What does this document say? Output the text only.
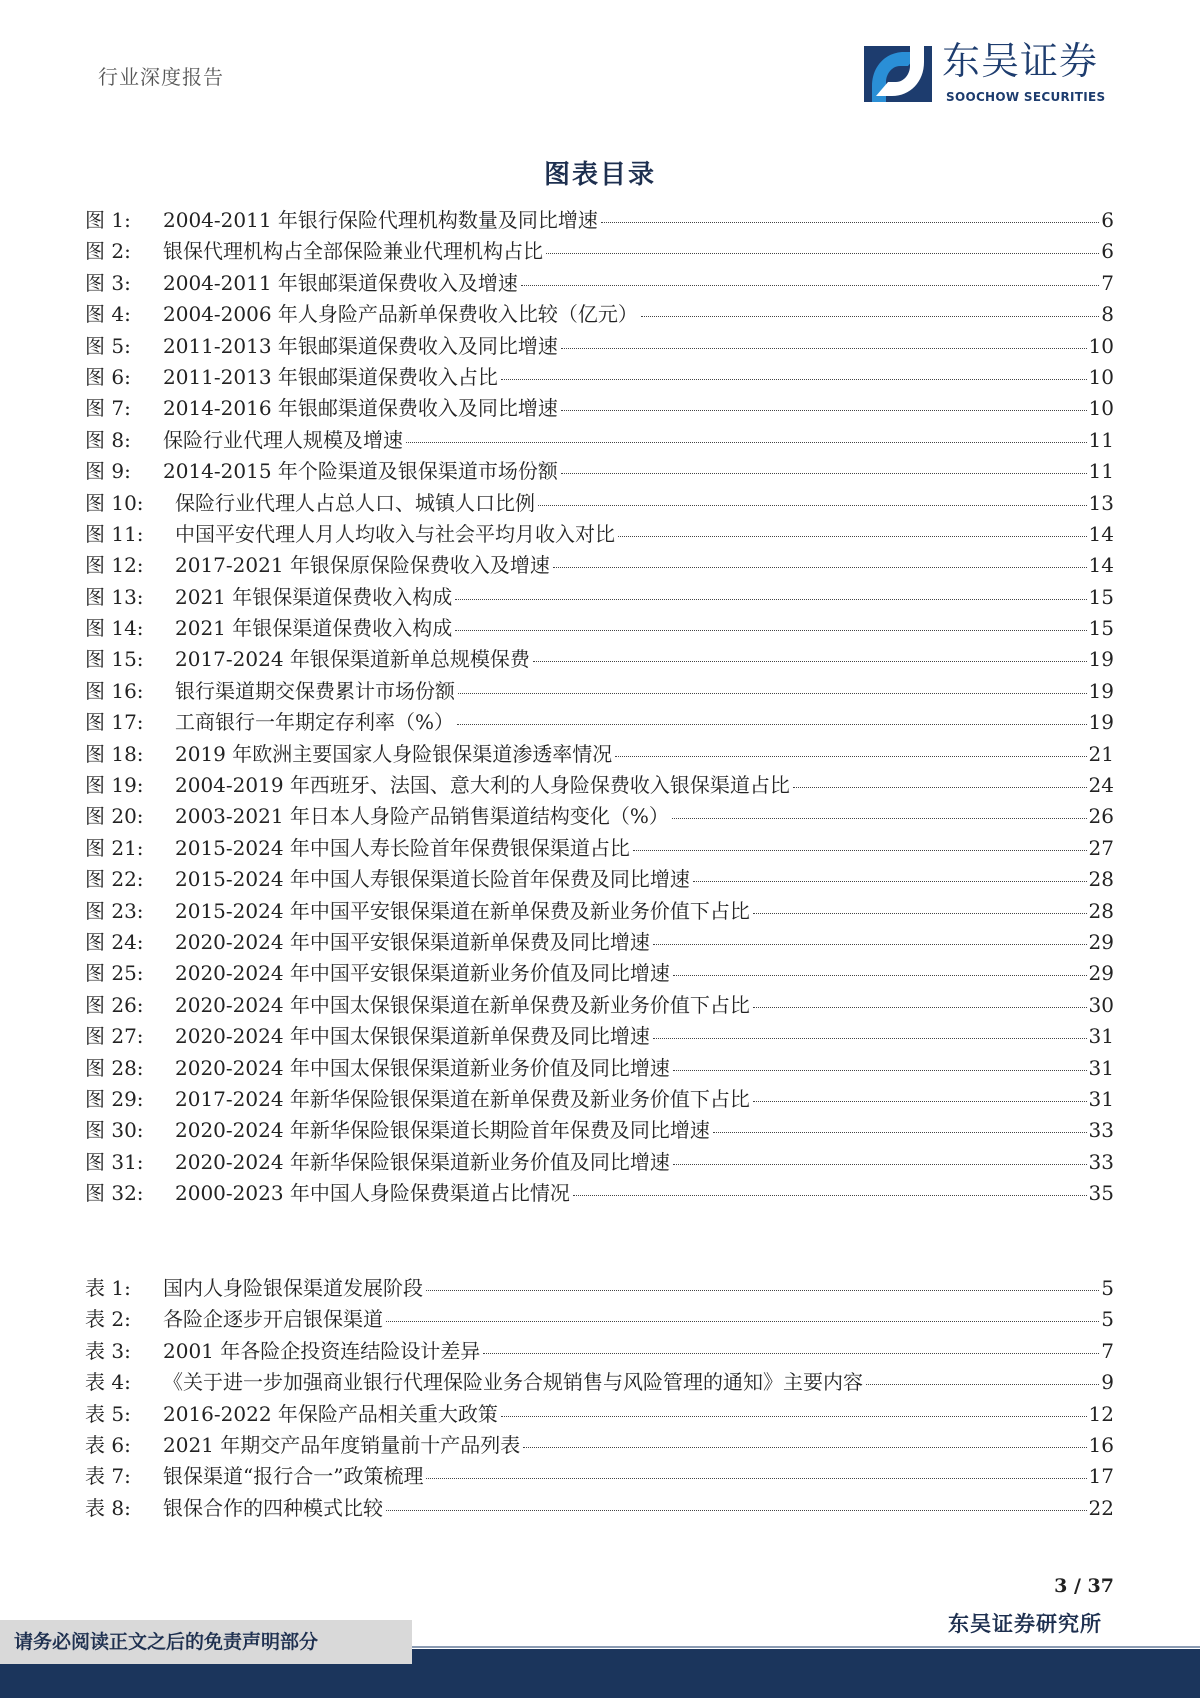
行业深度报告	东吴证券
SOOCHOW SECURITIES
图表目录
图 1:	2004-2011 年银行保险代理机构数量及同比增速	6
图 2:	银保代理机构占全部保险兼业代理机构占比	6
图 3:	2004-2011 年银邮渠道保费收入及增速	7
图 4:	2004-2006 年人身险产品新单保费收入比较（亿元）	8
图 5:	2011-2013 年银邮渠道保费收入及同比增速	10
图 6:	2011-2013 年银邮渠道保费收入占比	10
图 7:	2014-2016 年银邮渠道保费收入及同比增速	10
图 8:	保险行业代理人规模及增速	11
图 9:	2014-2015 年个险渠道及银保渠道市场份额	11
图 10:	保险行业代理人占总人口、城镇人口比例	13
图 11:	中国平安代理人月人均收入与社会平均月收入对比	14
图 12:	2017-2021 年银保原保险保费收入及增速	14
图 13:	2021 年银保渠道保费收入构成	15
图 14:	2021 年银保渠道保费收入构成	15
图 15:	2017-2024 年银保渠道新单总规模保费	19
图 16:	银行渠道期交保费累计市场份额	19
图 17:	工商银行一年期定存利率（%）	19
图 18:	2019 年欧洲主要国家人身险银保渠道渗透率情况	21
图 19:	2004-2019 年西班牙、法国、意大利的人身险保费收入银保渠道占比	24
图 20:	2003-2021 年日本人身险产品销售渠道结构变化（%）	26
图 21:	2015-2024 年中国人寿长险首年保费银保渠道占比	27
图 22:	2015-2024 年中国人寿银保渠道长险首年保费及同比增速	28
图 23:	2015-2024 年中国平安银保渠道在新单保费及新业务价值下占比	28
图 24:	2020-2024 年中国平安银保渠道新单保费及同比增速	29
图 25:	2020-2024 年中国平安银保渠道新业务价值及同比增速	29
图 26:	2020-2024 年中国太保银保渠道在新单保费及新业务价值下占比	30
图 27:	2020-2024 年中国太保银保渠道新单保费及同比增速	31
图 28:	2020-2024 年中国太保银保渠道新业务价值及同比增速	31
图 29:	2017-2024 年新华保险银保渠道在新单保费及新业务价值下占比	31
图 30:	2020-2024 年新华保险银保渠道长期险首年保费及同比增速	33
图 31:	2020-2024 年新华保险银保渠道新业务价值及同比增速	33
图 32:	2000-2023 年中国人身险保费渠道占比情况	35
表 1:	国内人身险银保渠道发展阶段	5
表 2:	各险企逐步开启银保渠道	5
表 3:	2001 年各险企投资连结险设计差异	7
表 4:	《关于进一步加强商业银行代理保险业务合规销售与风险管理的通知》主要内容	9
表 5:	2016-2022 年保险产品相关重大政策	12
表 6:	2021 年期交产品年度销量前十产品列表	16
表 7:	银保渠道“报行合一”政策梳理	17
表 8:	银保合作的四种模式比较	22
3 / 37
东吴证券研究所
请务必阅读正文之后的免责声明部分
